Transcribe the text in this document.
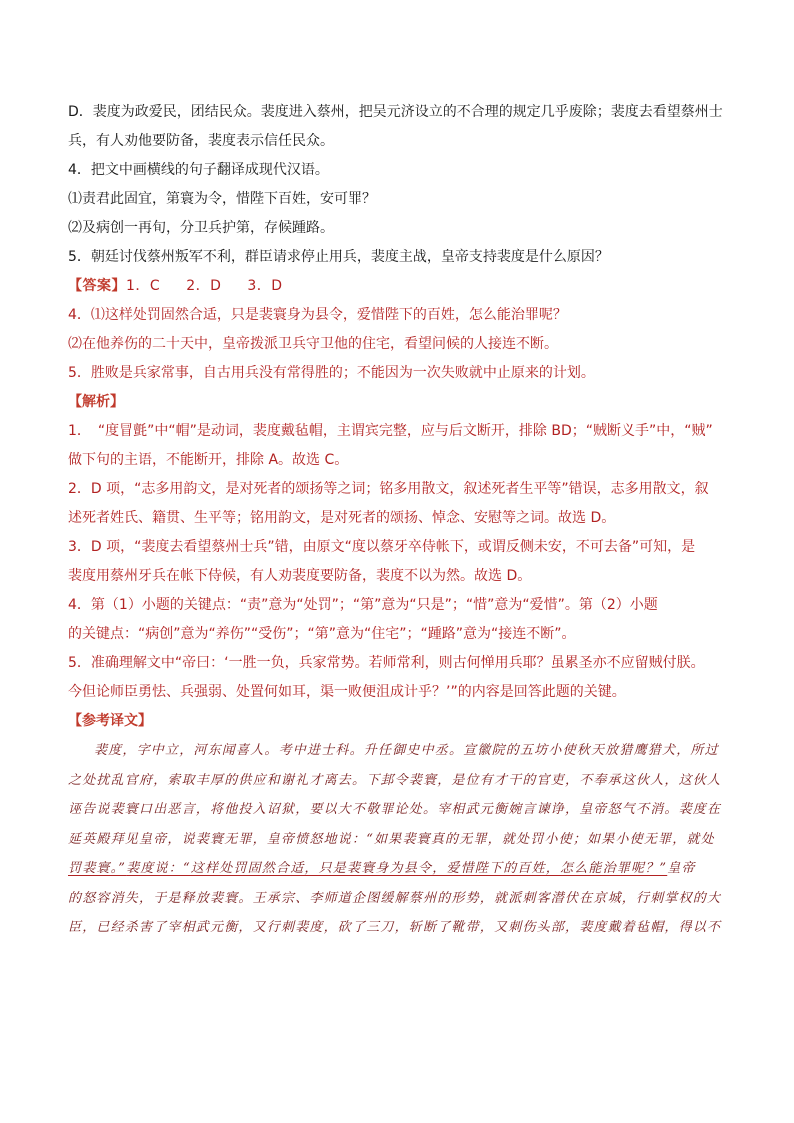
D．裴度为政爱民，团结民众。裴度进入蔡州，把吴元济设立的不合理的规定几乎废除；裴度去看望蔡州士

兵，有人劝他要防备，裴度表示信任民众。

4．把文中画横线的句子翻译成现代汉语。

⑴责君此固宜，第寰为令，惜陛下百姓，安可罪？

⑵及病创一再旬，分卫兵护第，存候踵路。

5．朝廷讨伐蔡州叛军不利，群臣请求停止用兵，裴度主战，皇帝支持裴度是什么原因？

【答案】1．C 2．D 3．D

4．⑴这样处罚固然合适，只是裴寰身为县令，爱惜陛下的百姓，怎么能治罪呢？

⑵在他养伤的二十天中，皇帝拨派卫兵守卫他的住宅，看望问候的人接连不断。

5．胜败是兵家常事，自古用兵没有常得胜的；不能因为一次失败就中止原来的计划。

【解析】

1．　“度冒氈”中“帽”是动词，裴度戴毡帽，主谓宾完整，应与后文断开，排除 BD；“贼断义手”中，“贼”

做下句的主语，不能断开，排除 A。故选 C。

2．D 项，“志多用韵文，是对死者的颂扬等之词；铭多用散文，叙述死者生平等”错误，志多用散文，叙

述死者姓氏、籍贯、生平等；铭用韵文，是对死者的颂扬、悼念、安慰等之词。故选 D。

3．D 项，“裴度去看望蔡州士兵”错，由原文“度以蔡牙卒侍帐下，或谓反侧未安，不可去备”可知，是

裴度用蔡州牙兵在帐下侍候，有人劝裴度要防备，裴度不以为然。故选 D。

4．第（1）小题的关键点：“责”意为“处罚”；“第”意为“只是”；“惜”意为“爱惜”。第（2）小题

的关键点：“病创”意为“养伤”“受伤”；“第”意为“住宅”；“踵路”意为“接连不断”。

5．准确理解文中“帝曰：‘一胜一负，兵家常势。若师常利，则古何惮用兵耶？虽累圣亦不应留贼付朕。

今但论师臣勇怯、兵强弱、处置何如耳，渠一败便沮成计乎？’”的内容是回答此题的关键。

【参考译文】

裴度，字中立，河东闻喜人。考中进士科。升任御史中丞。宣徽院的五坊小使秋天放猎鹰猎犬，所过

之处扰乱官府，索取丰厚的供应和谢礼才离去。下邽令裴寰，是位有才干的官吏，不奉承这伙人，这伙人

诬告说裴寰口出恶言，将他投入诏狱，要以大不敬罪论处。宰相武元衡婉言谏诤，皇帝怒气不消。裴度在

延英殿拜见皇帝，说裴寰无罪，皇帝愤怒地说：“如果裴寰真的无罪，就处罚小使；如果小使无罪，就处

罚裴寰。”裴度说：“这样处罚固然合适，只是裴寰身为县令，爱惜陛下的百姓，怎么能治罪呢？”皇帝

的怒容消失，于是释放裴寰。王承宗、李师道企图缓解蔡州的形势，就派刺客潜伏在京城，行刺掌权的大

臣，已经杀害了宰相武元衡，又行刺裴度，砍了三刀，斩断了靴带，又刺伤头部，裴度戴着毡帽，得以不
